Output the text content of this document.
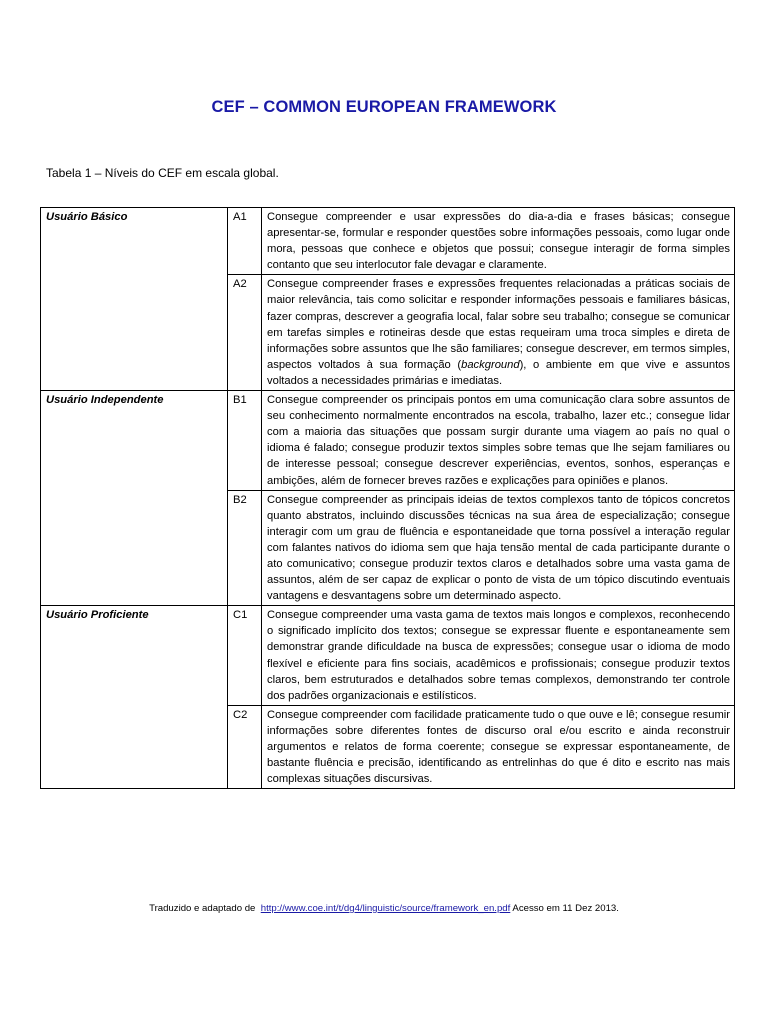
CEF – COMMON EUROPEAN FRAMEWORK
Tabela 1 – Níveis do CEF em escala global.
Usuário Básico	A1	Consegue compreender e usar expressões do dia-a-dia e frases básicas; consegue apresentar-se, formular e responder questões sobre informações pessoais, como lugar onde mora, pessoas que conhece e objetos que possui; consegue interagir de forma simples contanto que seu interlocutor fale devagar e claramente.
	A2	Consegue compreender frases e expressões frequentes relacionadas a práticas sociais de maior relevância, tais como solicitar e responder informações pessoais e familiares básicas, fazer compras, descrever a geografia local, falar sobre seu trabalho; consegue se comunicar em tarefas simples e rotineiras desde que estas requeiram uma troca simples e direta de informações sobre assuntos que lhe são familiares; consegue descrever, em termos simples, aspectos voltados à sua formação (background), o ambiente em que vive e assuntos voltados a necessidades primárias e imediatas.
Usuário Independente	B1	Consegue compreender os principais pontos em uma comunicação clara sobre assuntos de seu conhecimento normalmente encontrados na escola, trabalho, lazer etc.; consegue lidar com a maioria das situações que possam surgir durante uma viagem ao país no qual o idioma é falado; consegue produzir textos simples sobre temas que lhe sejam familiares ou de interesse pessoal; consegue descrever experiências, eventos, sonhos, esperanças e ambições, além de fornecer breves razões e explicações para opiniões e planos.
	B2	Consegue compreender as principais ideias de textos complexos tanto de tópicos concretos quanto abstratos, incluindo discussões técnicas na sua área de especialização; consegue interagir com um grau de fluência e espontaneidade que torna possível a interação regular com falantes nativos do idioma sem que haja tensão mental de cada participante durante o ato comunicativo; consegue produzir textos claros e detalhados sobre uma vasta gama de assuntos, além de ser capaz de explicar o ponto de vista de um tópico discutindo eventuais vantagens e desvantagens sobre um determinado aspecto.
Usuário Proficiente	C1	Consegue compreender uma vasta gama de textos mais longos e complexos, reconhecendo o significado implícito dos textos; consegue se expressar fluente e espontaneamente sem demonstrar grande dificuldade na busca de expressões; consegue usar o idioma de modo flexível e eficiente para fins sociais, acadêmicos e profissionais; consegue produzir textos claros, bem estruturados e detalhados sobre temas complexos, demonstrando ter controle dos padrões organizacionais e estilísticos.
	C2	Consegue compreender com facilidade praticamente tudo o que ouve e lê; consegue resumir informações sobre diferentes fontes de discurso oral e/ou escrito e ainda reconstruir argumentos e relatos de forma coerente; consegue se expressar espontaneamente, de bastante fluência e precisão, identificando as entrelinhas do que é dito e escrito nas mais complexas situações discursivas.
Traduzido e adaptado de http://www.coe.int/t/dg4/linguistic/source/framework_en.pdf Acesso em 11 Dez 2013.
